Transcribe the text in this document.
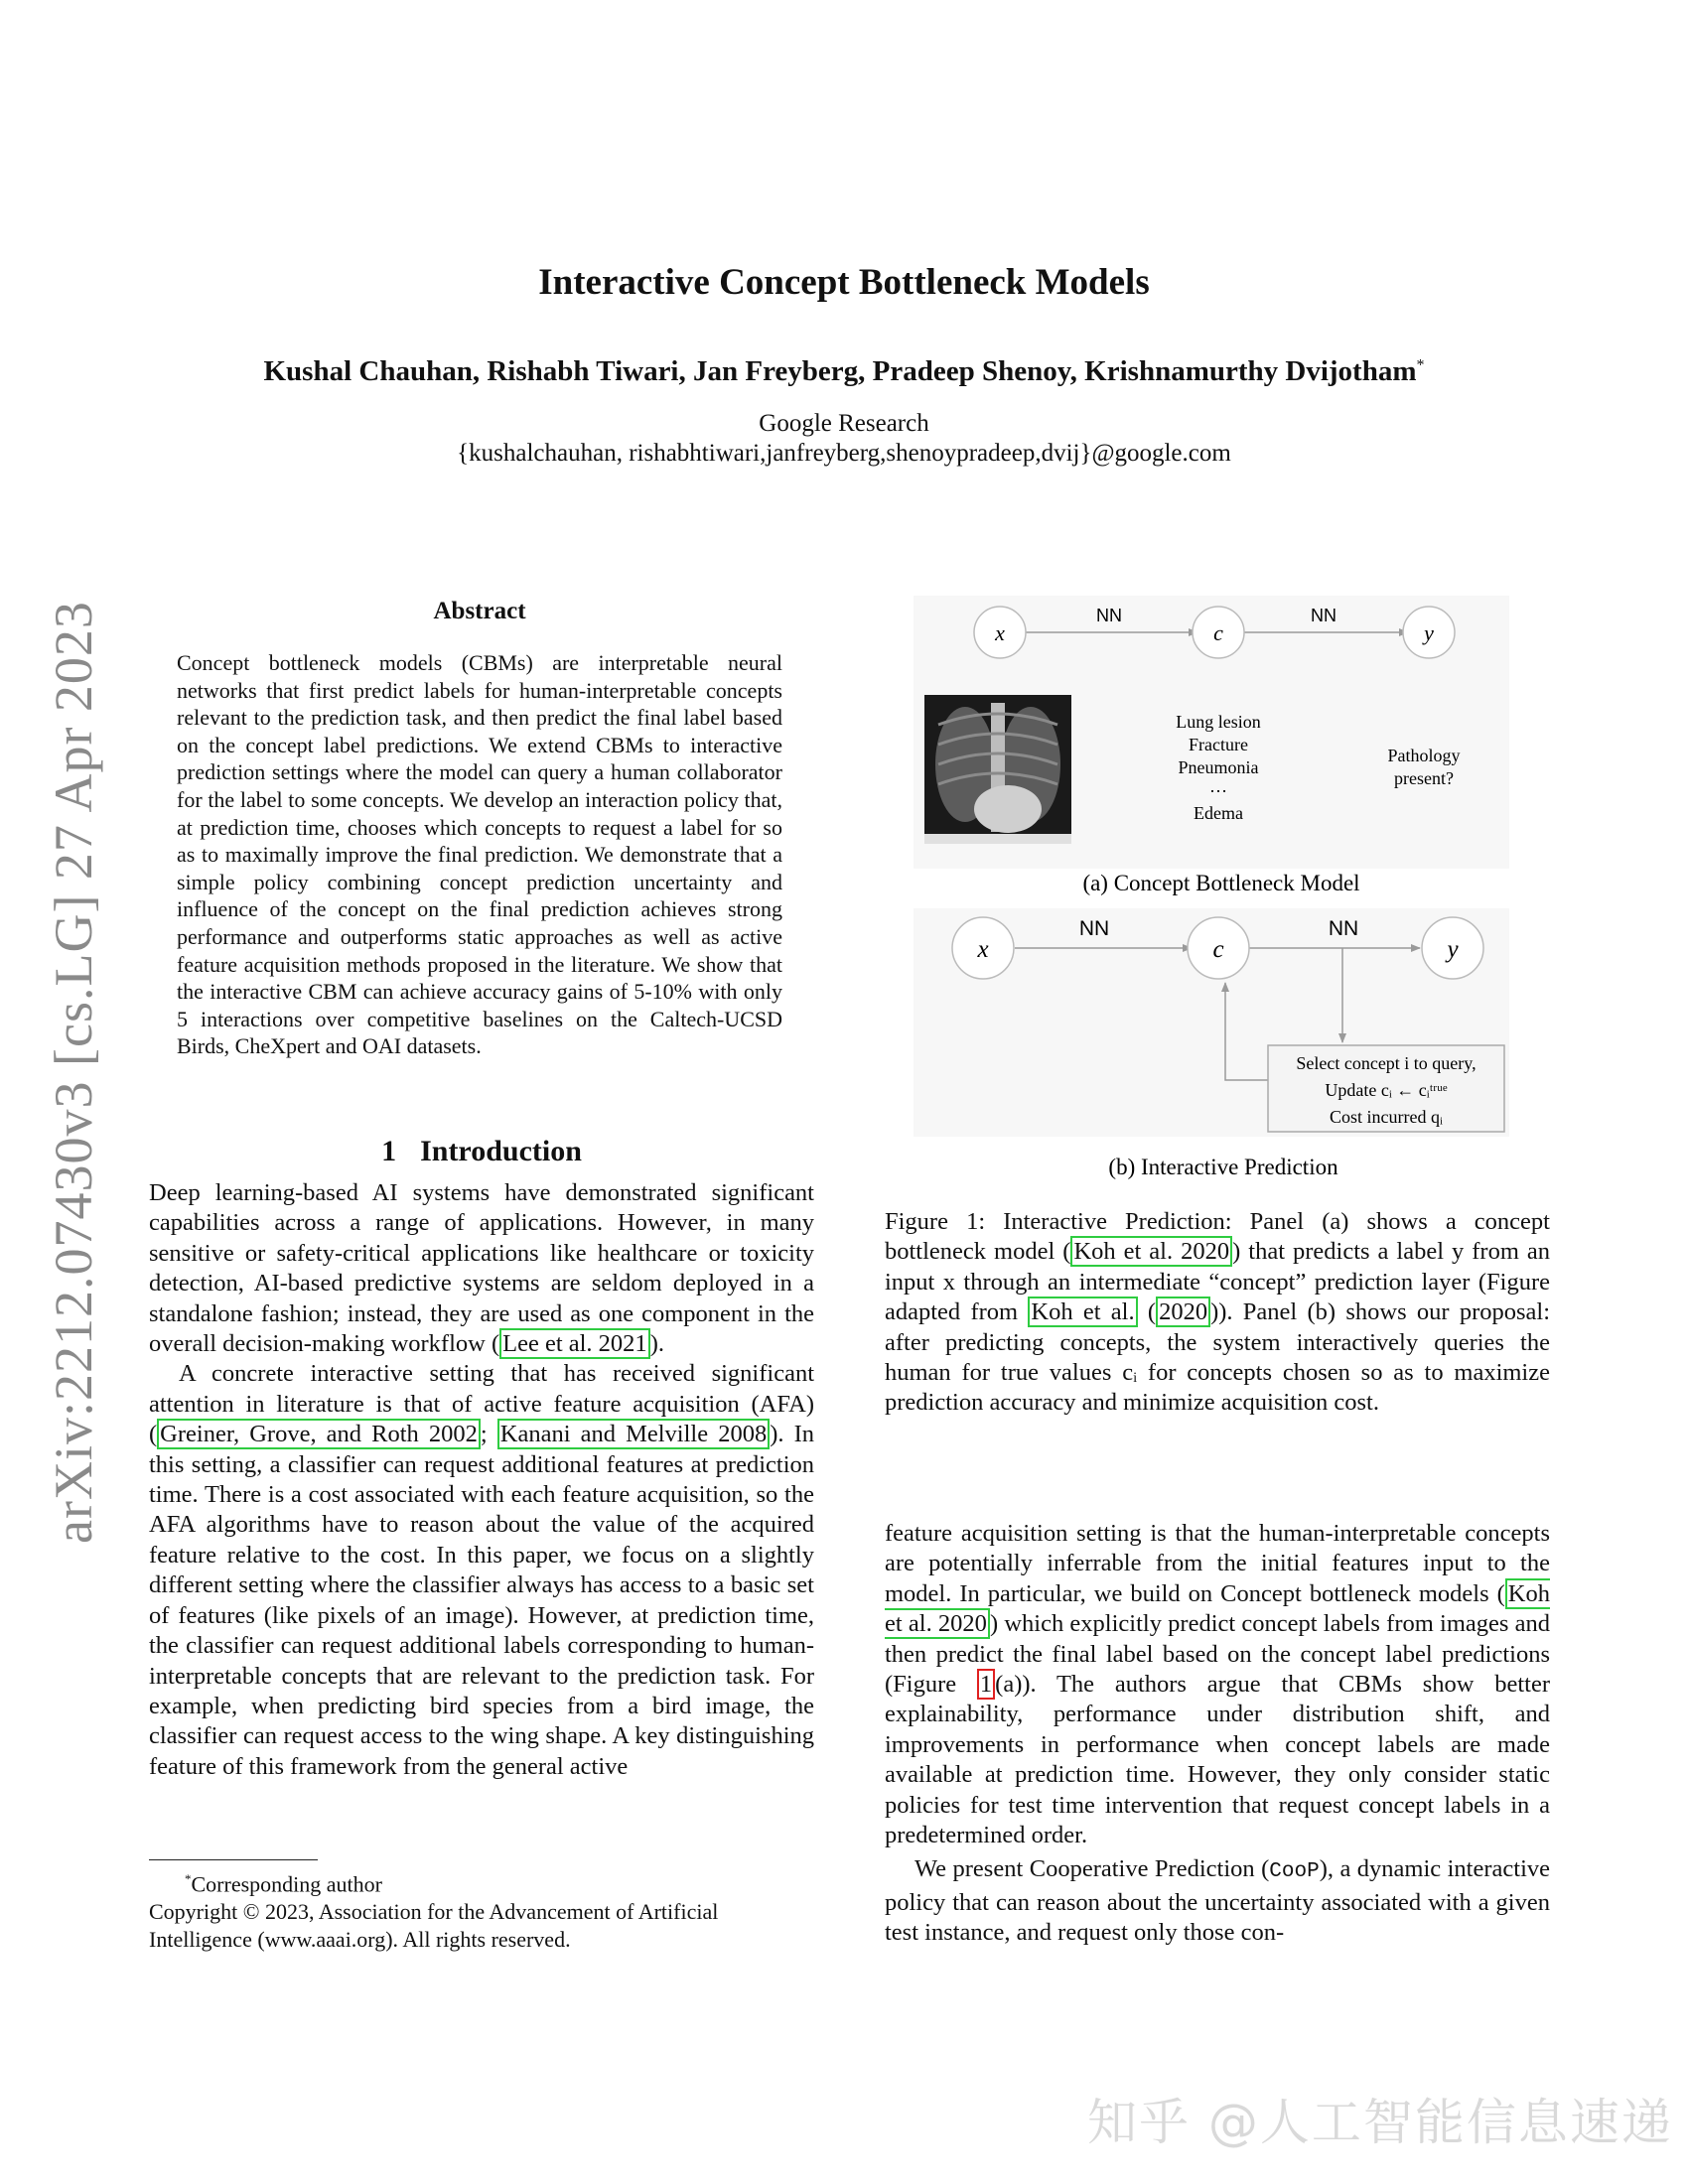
Interactive Concept Bottleneck Models
Kushal Chauhan, Rishabh Tiwari, Jan Freyberg, Pradeep Shenoy, Krishnamurthy Dvijotham*
Google Research
{kushalchauhan, rishabhtiwari,janfreyberg,shenoypradeep,dvij}@google.com
arXiv:2212.07430v3 [cs.LG] 27 Apr 2023	Abstract
Concept bottleneck models (CBMs) are interpretable neural networks that first predict labels for human-interpretable concepts relevant to the prediction task, and then predict the final label based on the concept label predictions. We extend CBMs to interactive prediction settings where the model can query a human collaborator for the label to some concepts. We develop an interaction policy that, at prediction time, chooses which concepts to request a label for so as to maximally improve the final prediction. We demonstrate that a simple policy combining concept prediction uncertainty and influence of the concept on the final prediction achieves strong performance and outperforms static approaches as well as active feature acquisition methods proposed in the literature. We show that the interactive CBM can achieve accuracy gains of 5-10% with only 5 interactions over competitive baselines on the Caltech-UCSD Birds, CheXpert and OAI datasets.
1 Introduction

Deep learning-based AI systems have demonstrated significant capabilities across a range of applications. However, in many sensitive or safety-critical applications like healthcare or toxicity detection, AI-based predictive systems are seldom deployed in a standalone fashion; instead, they are used as one component in the overall decision-making workflow ( Lee et al. 2021 ).

A concrete interactive setting that has received significant attention in literature is that of active feature acquisition (AFA) ( Greiner, Grove, and Roth 2002 ; Kanani and Melville 2008 ). In this setting, a classifier can request additional features at prediction time. There is a cost associated with each feature acquisition, so the AFA algorithms have to reason about the value of the acquired feature relative to the cost. In this paper, we focus on a slightly different setting where the classifier always has access to a basic set of features (like pixels of an image). However, at prediction time, the classifier can request additional labels corresponding to human-interpretable concepts that are relevant to the prediction task. For example, when predicting bird species from a bird image, the classifier can request access to the wing shape. A key distinguishing feature of this framework from the general active

*Corresponding author
Copyright © 2023, Association for the Advancement of Artificial Intelligence (www.aaai.org). All rights reserved.
x	c	y
NN	NN
Lung lesion
Fracture
Pneumonia
…
Edema
Pathology
present?
(a) Concept Bottleneck Model
x	c	y
NN	NN
Select concept i to query,
Update cᵢ ← cᵢᵗʳᵘᵉ
Cost incurred qᵢ
(b) Interactive Prediction
Figure 1: Interactive Prediction: Panel (a) shows a concept bottleneck model ( Koh et al. 2020 ) that predicts a label y from an input x through an intermediate “concept” prediction layer (Figure adapted from Koh et al. ( 2020 )). Panel (b) shows our proposal: after predicting concepts, the system interactively queries the human for true values cᵢ for concepts chosen so as to maximize prediction accuracy and minimize acquisition cost.

feature acquisition setting is that the human-interpretable concepts are potentially inferrable from the initial features input to the model. In particular, we build on Concept bottleneck models ( Koh et al. 2020 ) which explicitly predict concept labels from images and then predict the final label based on the concept label predictions (Figure 1 (a)). The authors argue that CBMs show better explainability, performance under distribution shift, and improvements in performance when concept labels are made available at prediction time. However, they only consider static policies for test time intervention that request concept labels in a predetermined order.

We present Cooperative Prediction (CooP), a dynamic interactive policy that can reason about the uncertainty associated with a given test instance, and request only those con-

知乎 @人工智能信息速递
